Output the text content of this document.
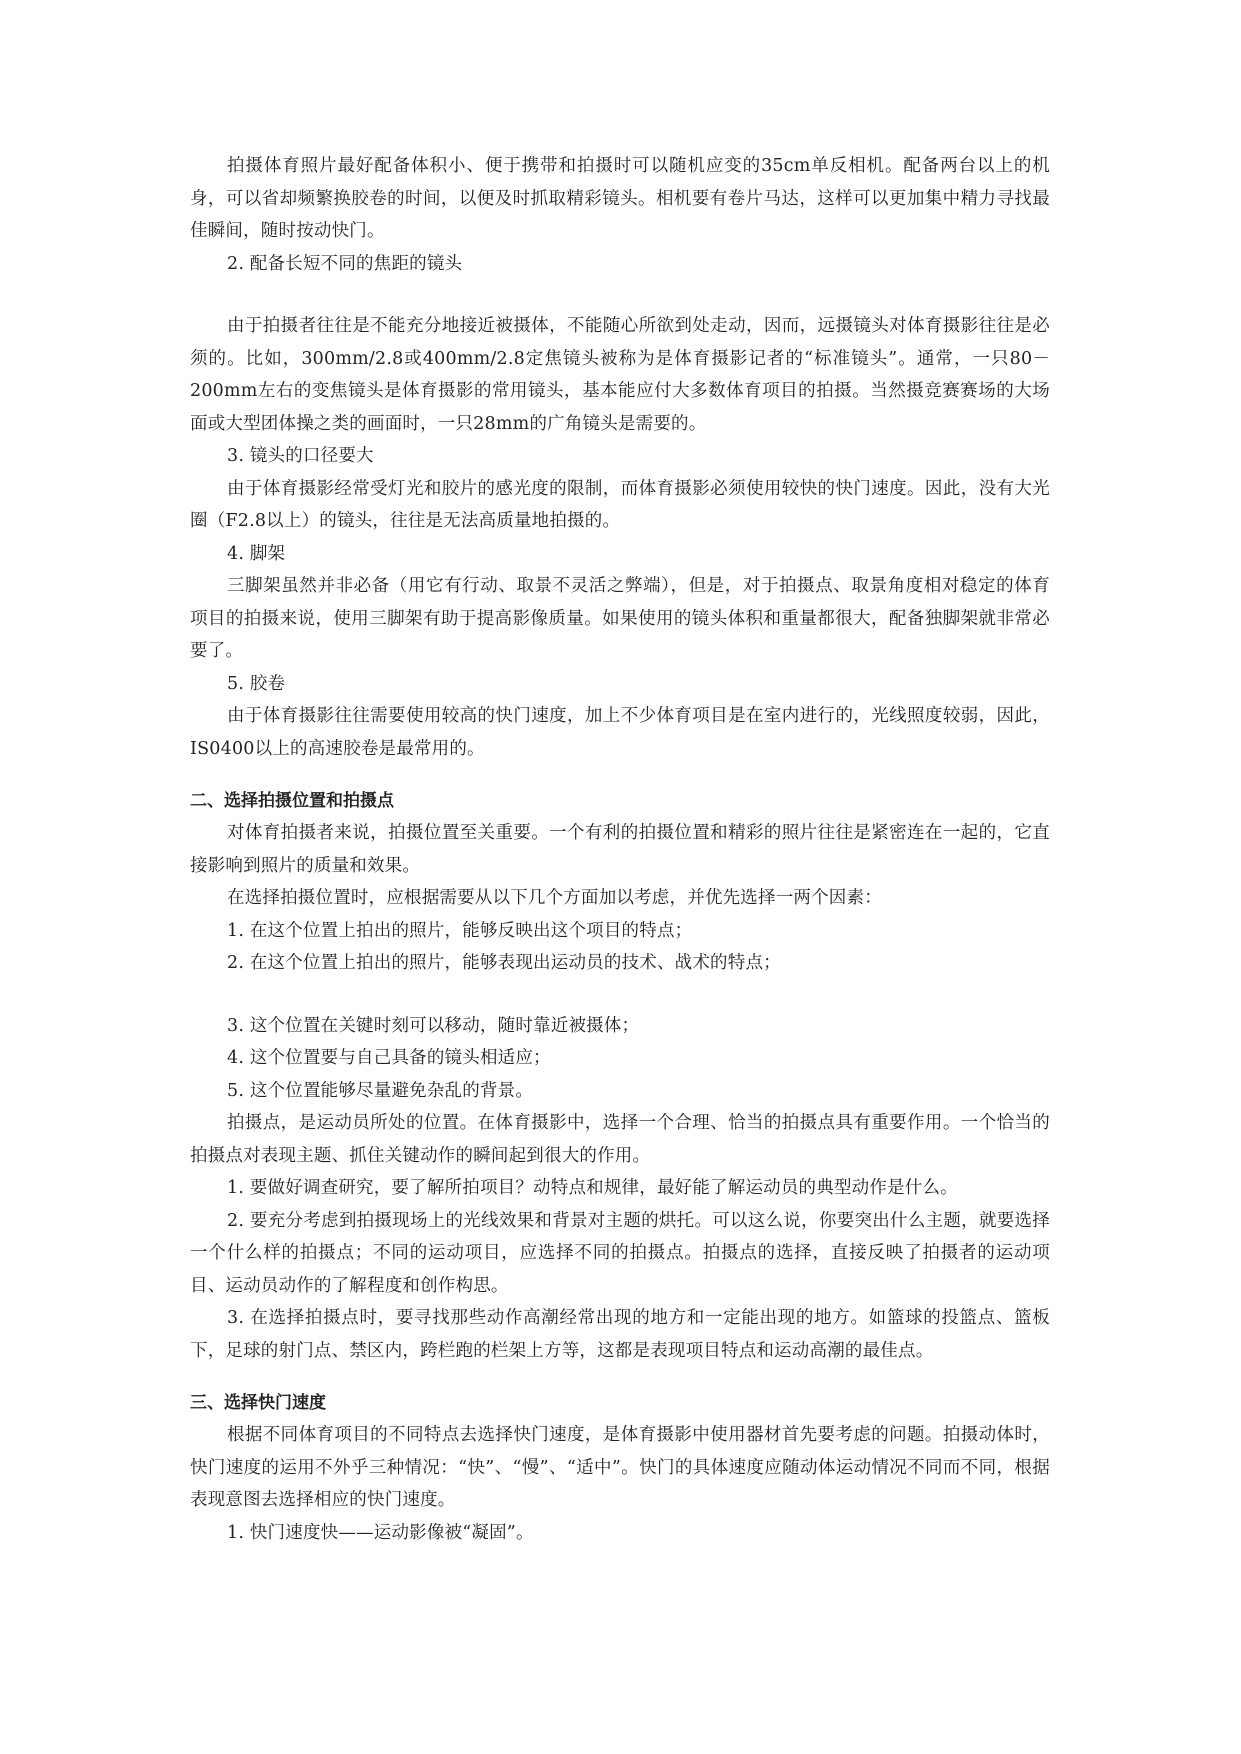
拍摄体育照片最好配备体积小、便于携带和拍摄时可以随机应变的35cm单反相机。配备两台以上的机身，可以省却频繁换胶卷的时间，以便及时抓取精彩镜头。相机要有卷片马达，这样可以更加集中精力寻找最佳瞬间，随时按动快门。

2. 配备长短不同的焦距的镜头

由于拍摄者往往是不能充分地接近被摄体，不能随心所欲到处走动，因而，远摄镜头对体育摄影往往是必须的。比如，300mm/2.8或400mm/2.8定焦镜头被称为是体育摄影记者的“标准镜头”。通常，一只80－200mm左右的变焦镜头是体育摄影的常用镜头，基本能应付大多数体育项目的拍摄。当然摄竞赛赛场的大场面或大型团体操之类的画面时，一只28mm的广角镜头是需要的。

3. 镜头的口径要大

由于体育摄影经常受灯光和胶片的感光度的限制，而体育摄影必须使用较快的快门速度。因此，没有大光圈（F2.8以上）的镜头，往往是无法高质量地拍摄的。

4. 脚架

三脚架虽然并非必备（用它有行动、取景不灵活之弊端），但是，对于拍摄点、取景角度相对稳定的体育项目的拍摄来说，使用三脚架有助于提高影像质量。如果使用的镜头体积和重量都很大，配备独脚架就非常必要了。

5. 胶卷

由于体育摄影往往需要使用较高的快门速度，加上不少体育项目是在室内进行的，光线照度较弱，因此，IS0400以上的高速胶卷是最常用的。

二、选择拍摄位置和拍摄点

对体育拍摄者来说，拍摄位置至关重要。一个有利的拍摄位置和精彩的照片往往是紧密连在一起的，它直接影响到照片的质量和效果。

在选择拍摄位置时，应根据需要从以下几个方面加以考虑，并优先选择一两个因素：

1. 在这个位置上拍出的照片，能够反映出这个项目的特点；

2. 在这个位置上拍出的照片，能够表现出运动员的技术、战术的特点；

3. 这个位置在关键时刻可以移动，随时靠近被摄体；

4. 这个位置要与自己具备的镜头相适应；

5. 这个位置能够尽量避免杂乱的背景。

拍摄点，是运动员所处的位置。在体育摄影中，选择一个合理、恰当的拍摄点具有重要作用。一个恰当的拍摄点对表现主题、抓住关键动作的瞬间起到很大的作用。

1. 要做好调查研究，要了解所拍项目？动特点和规律，最好能了解运动员的典型动作是什么。

2. 要充分考虑到拍摄现场上的光线效果和背景对主题的烘托。可以这么说，你要突出什么主题，就要选择一个什么样的拍摄点；不同的运动项目，应选择不同的拍摄点。拍摄点的选择，直接反映了拍摄者的运动项目、运动员动作的了解程度和创作构思。

3. 在选择拍摄点时，要寻找那些动作高潮经常出现的地方和一定能出现的地方。如篮球的投篮点、篮板下，足球的射门点、禁区内，跨栏跑的栏架上方等，这都是表现项目特点和运动高潮的最佳点。

三、选择快门速度

根据不同体育项目的不同特点去选择快门速度，是体育摄影中使用器材首先要考虑的问题。拍摄动体时，快门速度的运用不外乎三种情况：“快”、“慢”、“适中”。快门的具体速度应随动体运动情况不同而不同，根据表现意图去选择相应的快门速度。

1. 快门速度快——运动影像被“凝固”。
